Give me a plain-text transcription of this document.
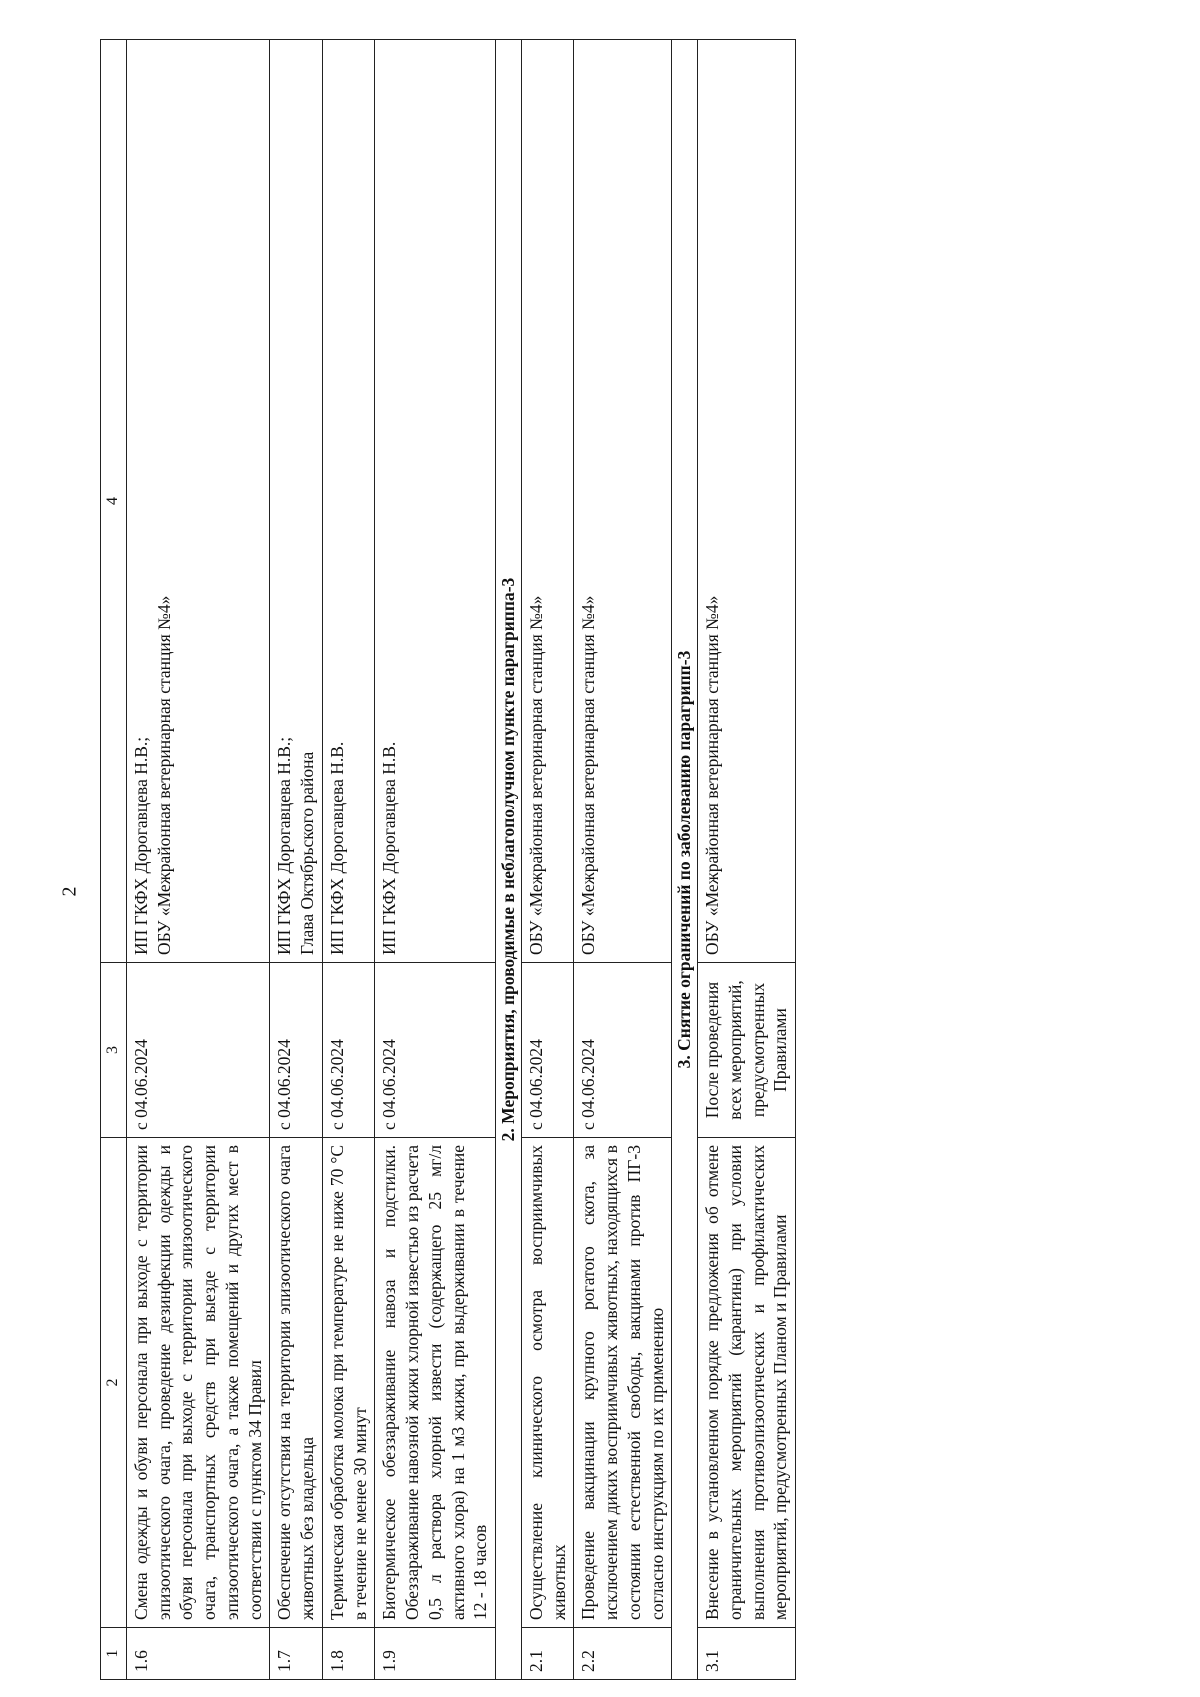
2
1	2	3	4
1.6	Смена одежды и обуви персонала при выходе с территории эпизоотического очага, проведение дезинфекции одежды и обуви персонала при выходе с территории эпизоотического очага, транспортных средств при выезде с территории эпизоотического очага, а также помещений и других мест в соответствии с пунктом 34 Правил	с 04.06.2024	ИП ГКФХ Дорогавцева Н.В.; ОБУ «Межрайонная ветеринарная станция №4»

1.7	Обеспечение отсутствия на территории эпизоотического очага животных без владельца	с 04.06.2024	ИП ГКФХ Дорогавцева Н.В.; Глава Октябрьского района

1.8	Термическая обработка молока при температуре не ниже 70 °С в течение не менее 30 минут	с 04.06.2024	ИП ГКФХ Дорогавцева Н.В.

1.9	Биотермическое обеззараживание навоза и подстилки. Обеззараживание навозной жижи хлорной известью из расчета 0,5 л раствора хлорной извести (содержащего 25 мг/л активного хлора) на 1 м3 жижи, при выдерживании в течение 12 - 18 часов	с 04.06.2024	ИП ГКФХ Дорогавцева Н.В.

2. Мероприятия, проводимые в неблагополучном пункте парагриппа-3			
2.1	Осуществление клинического осмотра восприимчивых животных	с 04.06.2024	ОБУ «Межрайонная ветеринарная станция №4»

2.2	Проведение вакцинации крупного рогатого скота, за исключением диких восприимчивых животных, находящихся в состоянии естественной свободы, вакцинами против ПГ-3 согласно инструкциям по их применению	с 04.06.2024	ОБУ «Межрайонная ветеринарная станция №4»

3. Снятие ограничений по заболеванию парагрипп-3			
3.1	Внесение в установленном порядке предложения об отмене ограничительных мероприятий (карантина) при условии выполнения противоэпизоотических и профилактических мероприятий, предусмотренных Планом и Правилами	После проведения всех мероприятий, предусмотренных Правилами	ОБУ «Межрайонная ветеринарная станция №4»
